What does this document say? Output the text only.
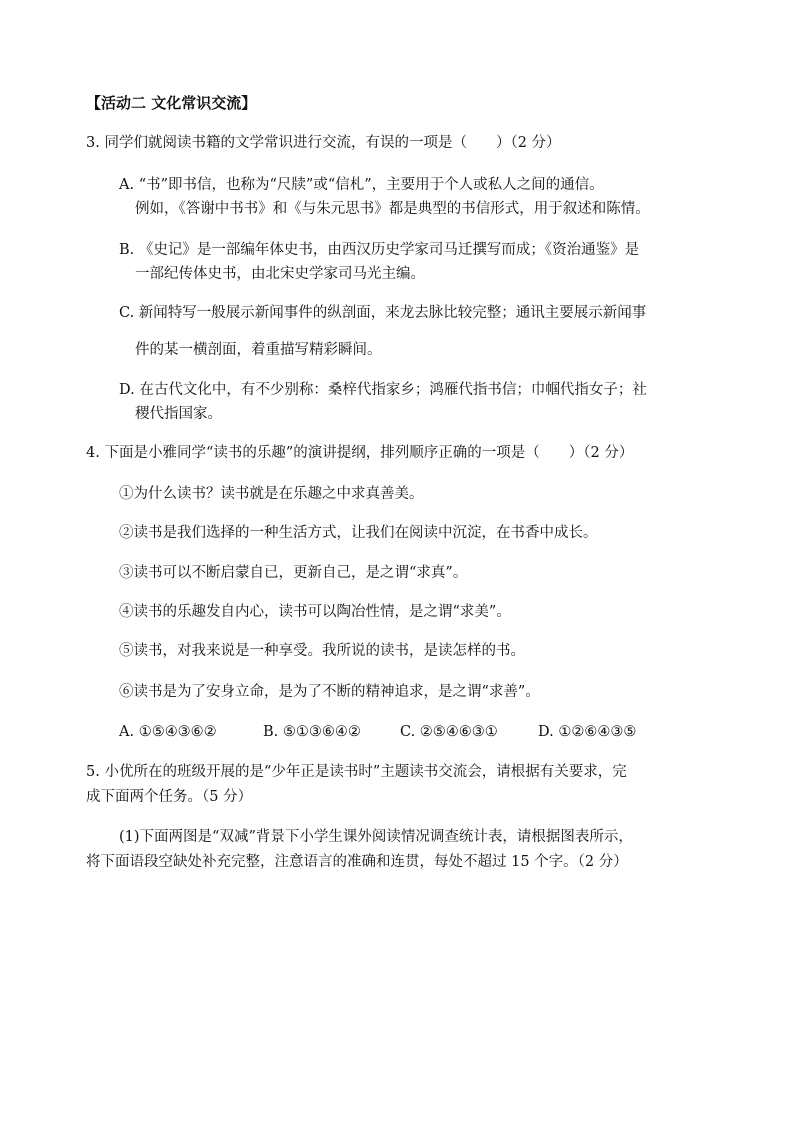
【活动二 文化常识交流】
3. 同学们就阅读书籍的文学常识进行交流，有误的一项是（　　）（2 分）
A. “书”即书信，也称为“尺牍”或“信札”，主要用于个人或私人之间的通信。
例如，《答谢中书书》和《与朱元思书》都是典型的书信形式，用于叙述和陈情。
B. 《史记》是一部编年体史书，由西汉历史学家司马迁撰写而成；《资治通鉴》是
一部纪传体史书，由北宋史学家司马光主编。
C. 新闻特写一般展示新闻事件的纵剖面，来龙去脉比较完整；通讯主要展示新闻事
件的某一横剖面，着重描写精彩瞬间。
D. 在古代文化中，有不少别称：桑梓代指家乡；鸿雁代指书信；巾帼代指女子；社
稷代指国家。
4. 下面是小雅同学“读书的乐趣”的演讲提纲，排列顺序正确的一项是（　　）（2 分）
①为什么读书？读书就是在乐趣之中求真善美。
②读书是我们选择的一种生活方式，让我们在阅读中沉淀，在书香中成长。
③读书可以不断启蒙自已，更新自己，是之谓“求真”。
④读书的乐趣发自内心，读书可以陶冶性情，是之谓“求美”。
⑤读书，对我来说是一种享受。我所说的读书，是读怎样的书。
⑥读书是为了安身立命，是为了不断的精神追求，是之谓“求善”。
A. ①⑤④③⑥②	B. ⑤①③⑥④②	C. ②⑤④⑥③①	D. ①②⑥④③⑤
5. 小优所在的班级开展的是“少年正是读书时”主题读书交流会，请根据有关要求，完
成下面两个任务。（5 分）
(1)下面两图是“双减”背景下小学生课外阅读情况调查统计表，请根据图表所示，
将下面语段空缺处补充完整，注意语言的准确和连贯，每处不超过 15 个字。（2 分）
